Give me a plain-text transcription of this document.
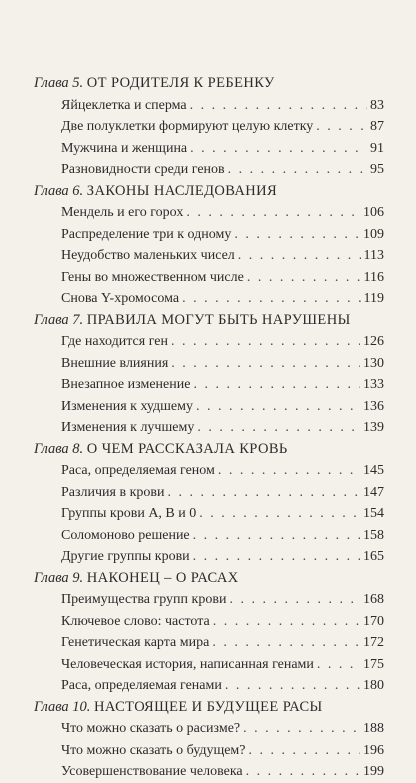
Глава 5. ОТ РОДИТЕЛЯ К РЕБЕНКУ
Яйцеклетка и сперма . . .	83
Две полуклетки формируют целую клетку . . .	87
Мужчина и женщина . . .	91
Разновидности среди генов . . .	95
Глава 6. ЗАКОНЫ НАСЛЕДОВАНИЯ
Мендель и его горох . . .	106
Распределение три к одному . . .	109
Неудобство маленьких чисел . . .	113
Гены во множественном числе . . .	116
Снова Y-хромосома . . .	119
Глава 7. ПРАВИЛА МОГУТ БЫТЬ НАРУШЕНЫ
Где находится ген . . .	126
Внешние влияния . . .	130
Внезапное изменение . . .	133
Изменения к худшему . . .	136
Изменения к лучшему . . .	139
Глава 8. О ЧЕМ РАССКАЗАЛА КРОВЬ
Раса, определяемая геном . . .	145
Различия в крови . . .	147
Группы крови А, В и 0 . . .	154
Соломоново решение . . .	158
Другие группы крови . . .	165
Глава 9. НАКОНЕЦ – О РАСАХ
Преимущества групп крови . . .	168
Ключевое слово: частота . . .	170
Генетическая карта мира . . .	172
Человеческая история, написанная генами . . .	175
Раса, определяемая генами . . .	180
Глава 10. НАСТОЯЩЕЕ И БУДУЩЕЕ РАСЫ
Что можно сказать о расизме? . . .	188
Что можно сказать о будущем? . . .	196
Усовершенствование человека . . .	199
